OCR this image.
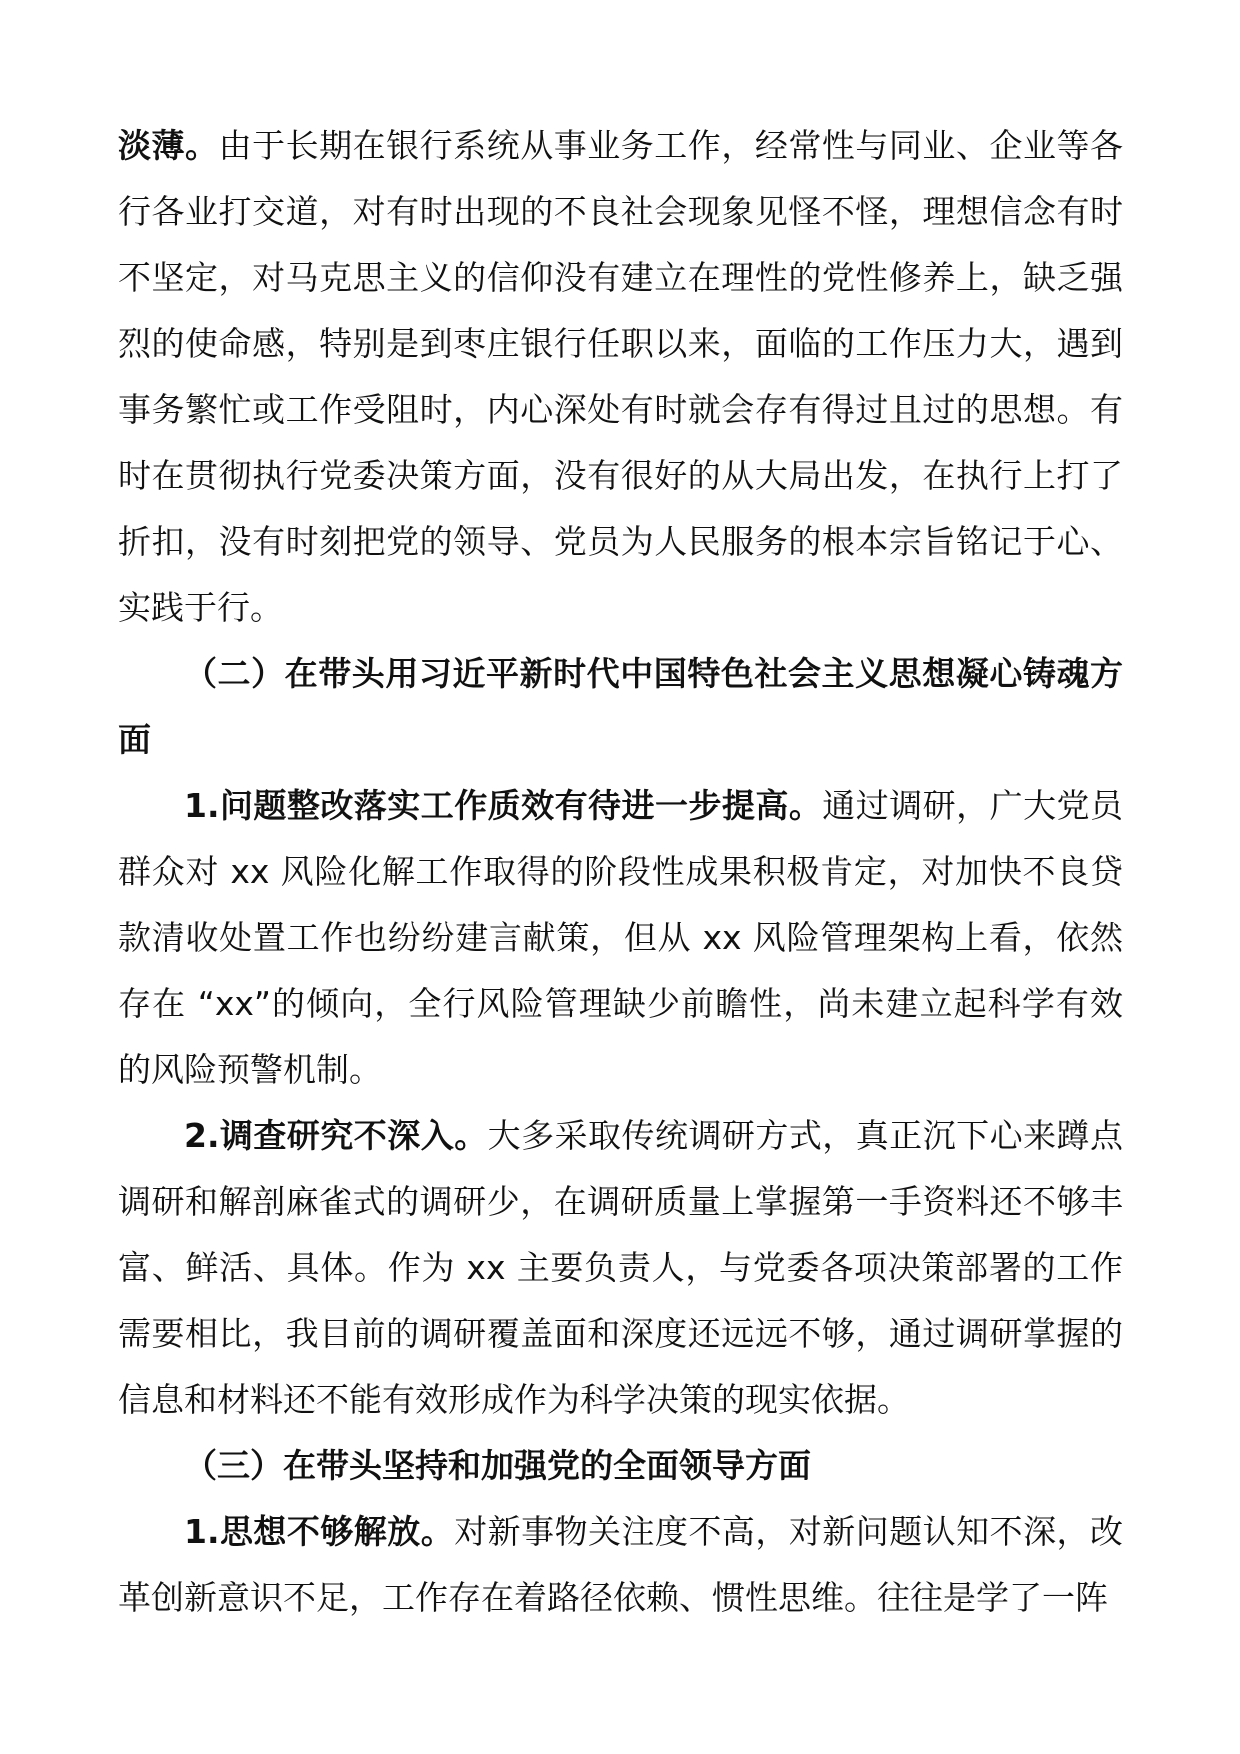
淡薄。由于长期在银行系统从事业务工作，经常性与同业、企业等各行各业打交道，对有时出现的不良社会现象见怪不怪，理想信念有时不坚定，对马克思主义的信仰没有建立在理性的党性修养上，缺乏强烈的使命感，特别是到枣庄银行任职以来，面临的工作压力大，遇到事务繁忙或工作受阻时，内心深处有时就会存有得过且过的思想。有时在贯彻执行党委决策方面，没有很好的从大局出发，在执行上打了折扣，没有时刻把党的领导、党员为人民服务的根本宗旨铭记于心、实践于行。

（二）在带头用习近平新时代中国特色社会主义思想凝心铸魂方面

1.问题整改落实工作质效有待进一步提高。通过调研，广大党员群众对 xx 风险化解工作取得的阶段性成果积极肯定，对加快不良贷款清收处置工作也纷纷建言献策，但从 xx 风险管理架构上看，依然存在 “xx”的倾向，全行风险管理缺少前瞻性，尚未建立起科学有效的风险预警机制。

2.调查研究不深入。大多采取传统调研方式，真正沉下心来蹲点调研和解剖麻雀式的调研少，在调研质量上掌握第一手资料还不够丰富、鲜活、具体。作为 xx 主要负责人，与党委各项决策部署的工作需要相比，我目前的调研覆盖面和深度还远远不够，通过调研掌握的信息和材料还不能有效形成作为科学决策的现实依据。

（三）在带头坚持和加强党的全面领导方面

1.思想不够解放。对新事物关注度不高，对新问题认知不深，改革创新意识不足，工作存在着路径依赖、惯性思维。往往是学了一阵
